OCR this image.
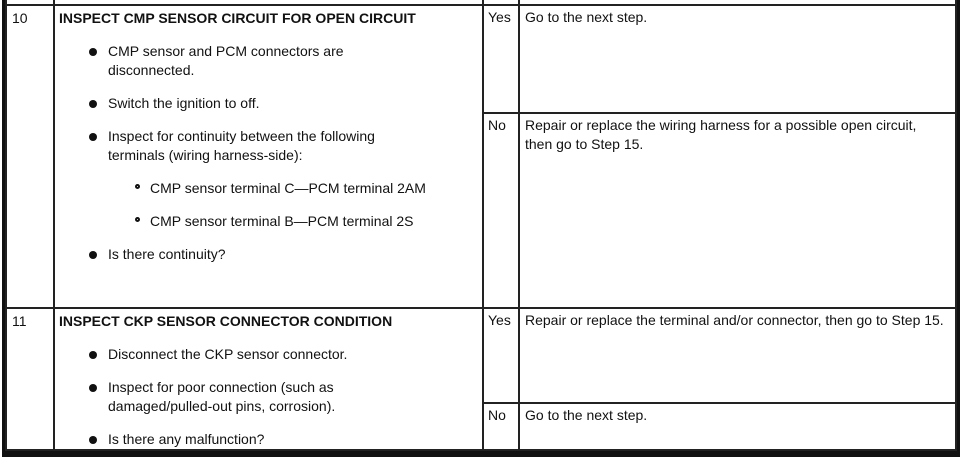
10	INSPECT CMP SENSOR CIRCUIT FOR OPEN CIRCUIT
CMP sensor and PCM connectors are disconnected.
Switch the ignition to off.
Inspect for continuity between the following terminals (wiring harness-side):
CMP sensor terminal C—PCM terminal 2AM
CMP sensor terminal B—PCM terminal 2S
Is there continuity?
	Yes	Go to the next step.

		No	Repair or replace the wiring harness for a possible open circuit, then go to Step 15.

11	INSPECT CKP SENSOR CONNECTOR CONDITION
Disconnect the CKP sensor connector.
Inspect for poor connection (such as damaged/pulled-out pins, corrosion).
Is there any malfunction?	Yes	Repair or replace the terminal and/or connector, then go to Step 15.

		No	Go to the next step.
